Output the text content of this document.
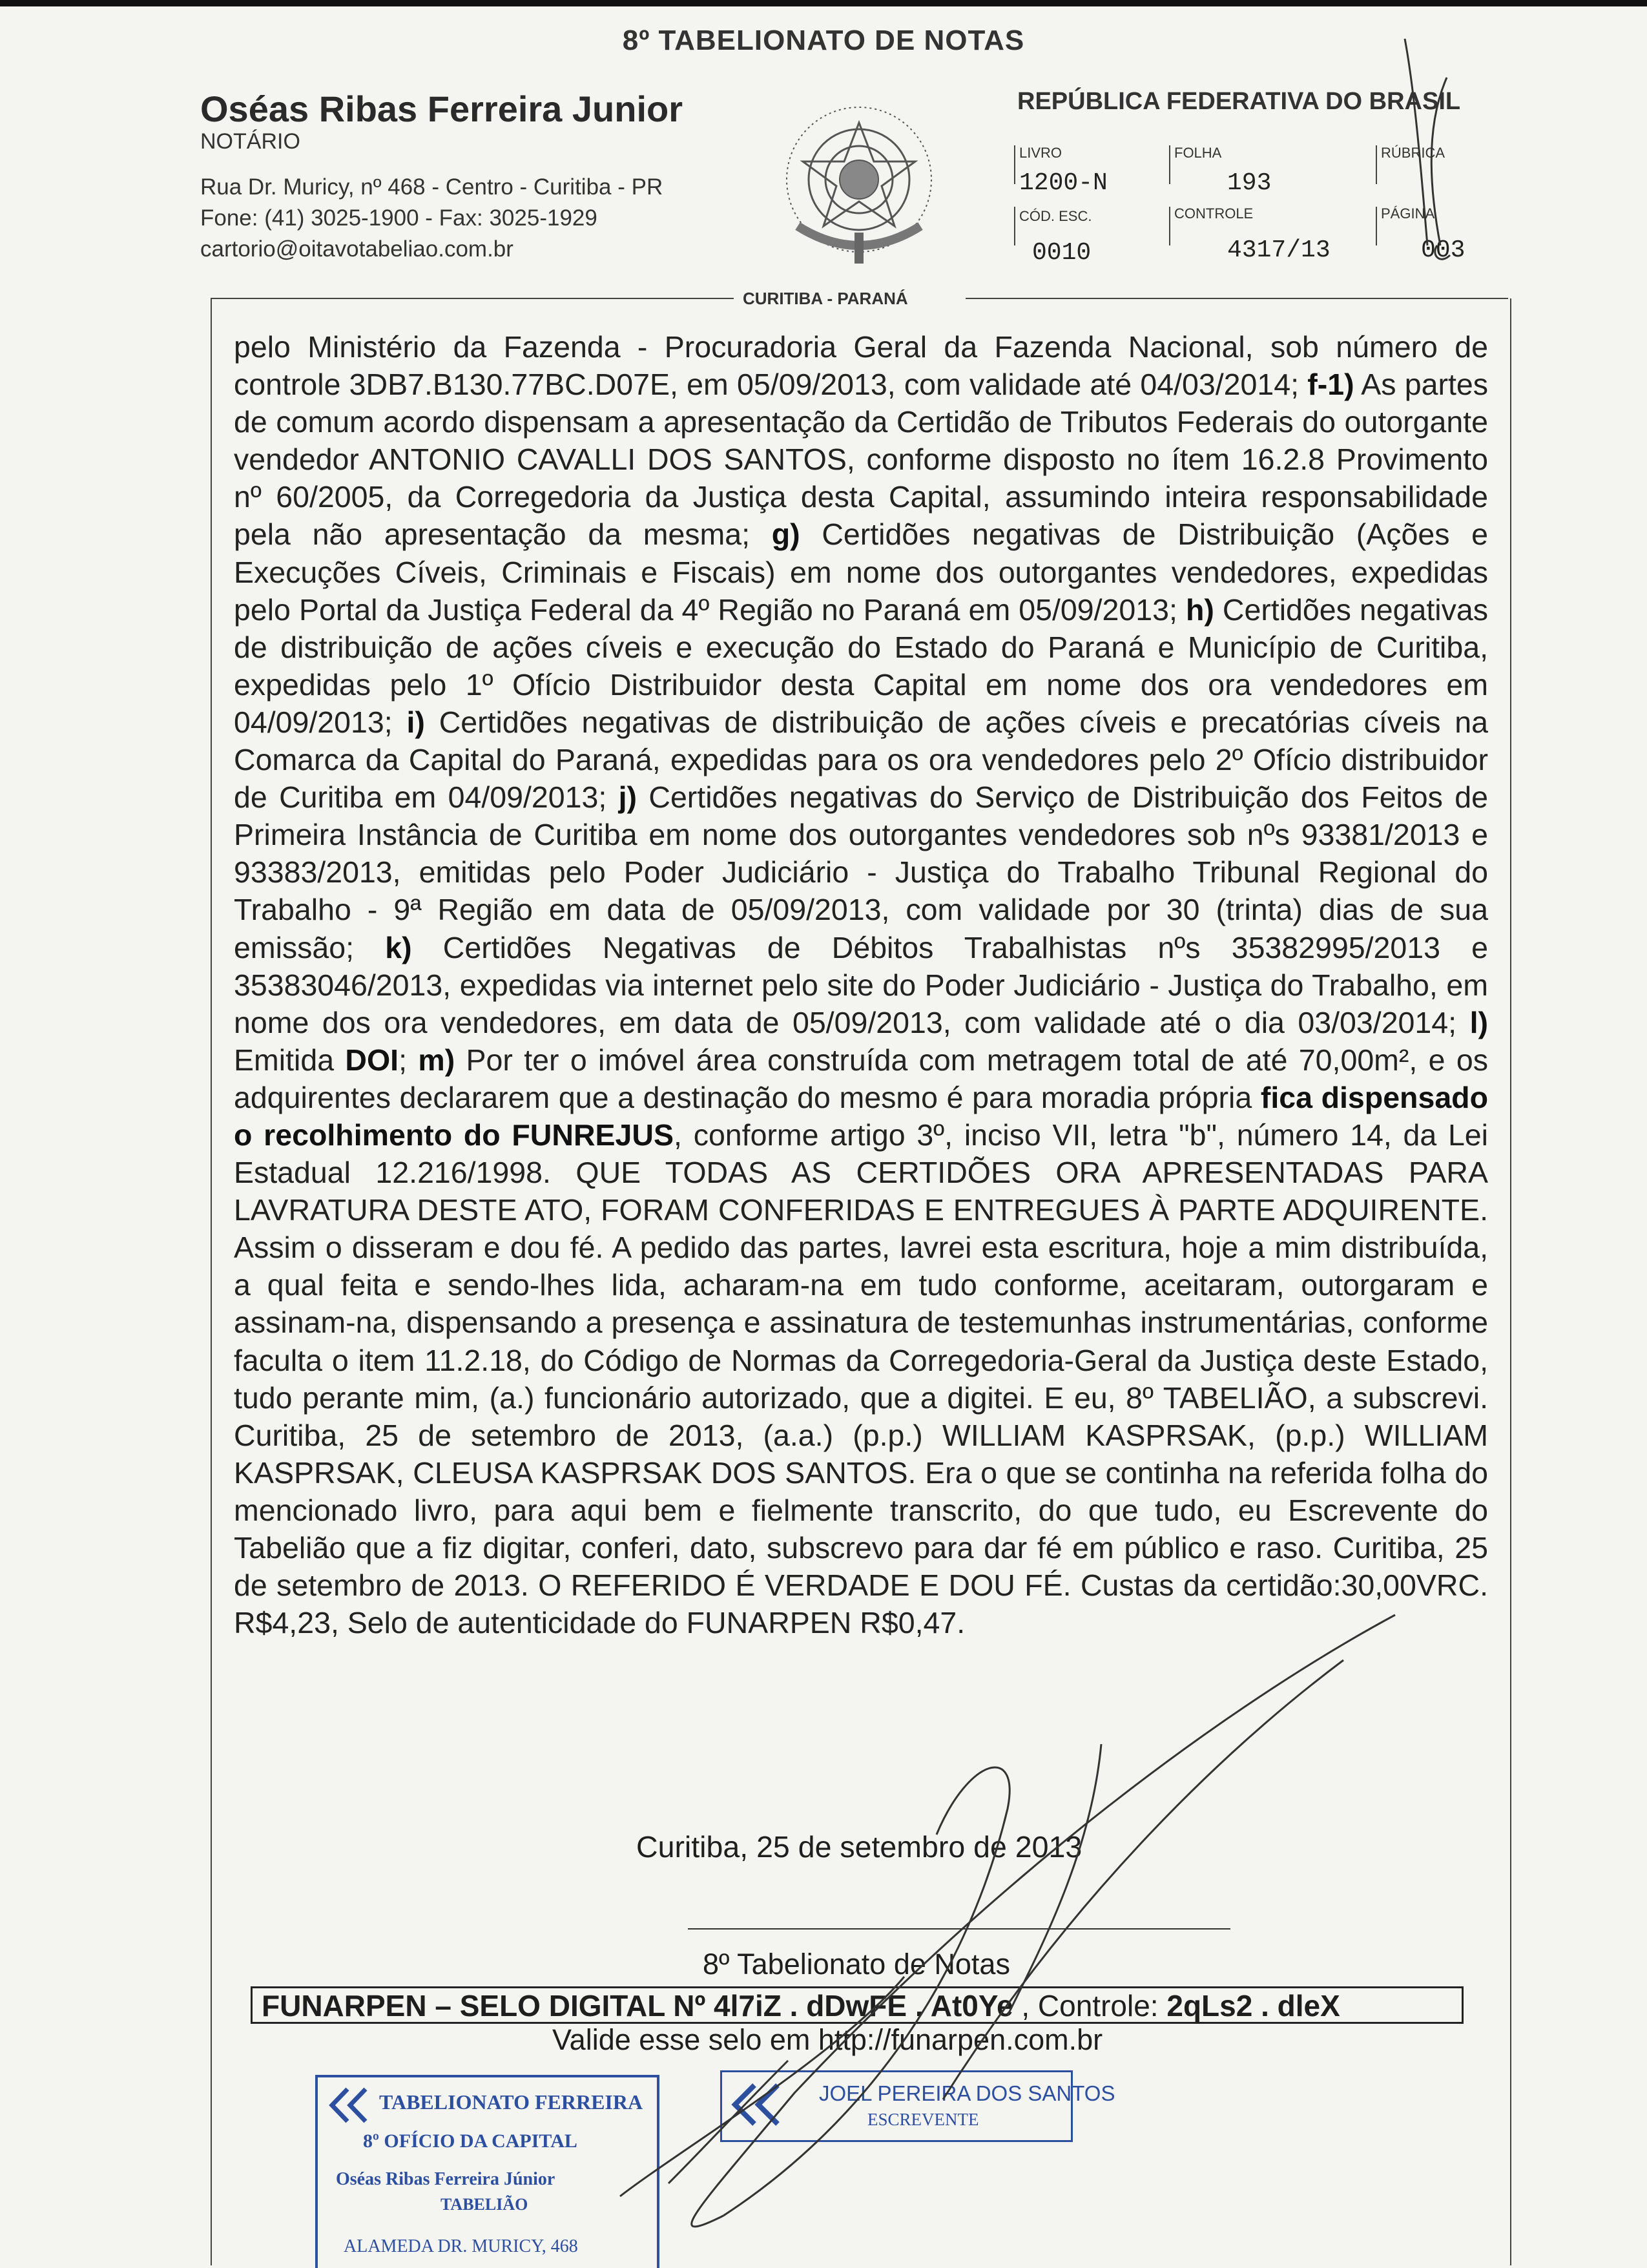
8º TABELIONATO DE NOTAS
Oséas Ribas Ferreira Junior
NOTÁRIO
Rua Dr. Muricy, nº 468 - Centro - Curitiba - PR
Fone: (41) 3025-1900 - Fax: 3025-1929
cartorio@oitavotabeliao.com.br
REPÚBLICA FEDERATIVA DO BRASIL
LIVRO
1200-N
FOLHA
193
RÚBRICA
CÓD. ESC.
0010
CONTROLE
4317/13
PÁGINA
003
CURITIBA - PARANÁ
pelo Ministério da Fazenda - Procuradoria Geral da Fazenda Nacional, sob número de controle 3DB7.B130.77BC.D07E, em 05/09/2013, com validade até 04/03/2014; f-1) As partes de comum acordo dispensam a apresentação da Certidão de Tributos Federais do outorgante vendedor ANTONIO CAVALLI DOS SANTOS, conforme disposto no ítem 16.2.8 Provimento nº 60/2005, da Corregedoria da Justiça desta Capital, assumindo inteira responsabilidade pela não apresentação da mesma; g) Certidões negativas de Distribuição (Ações e Execuções Cíveis, Criminais e Fiscais) em nome dos outorgantes vendedores, expedidas pelo Portal da Justiça Federal da 4º Região no Paraná em 05/09/2013; h) Certidões negativas de distribuição de ações cíveis e execução do Estado do Paraná e Município de Curitiba, expedidas pelo 1º Ofício Distribuidor desta Capital em nome dos ora vendedores em 04/09/2013; i) Certidões negativas de distribuição de ações cíveis e precatórias cíveis na Comarca da Capital do Paraná, expedidas para os ora vendedores pelo 2º Ofício distribuidor de Curitiba em 04/09/2013; j) Certidões negativas do Serviço de Distribuição dos Feitos de Primeira Instância de Curitiba em nome dos outorgantes vendedores sob nºs 93381/2013 e 93383/2013, emitidas pelo Poder Judiciário - Justiça do Trabalho Tribunal Regional do Trabalho - 9ª Região em data de 05/09/2013, com validade por 30 (trinta) dias de sua emissão; k) Certidões Negativas de Débitos Trabalhistas nºs 35382995/2013 e 35383046/2013, expedidas via internet pelo site do Poder Judiciário - Justiça do Trabalho, em nome dos ora vendedores, em data de 05/09/2013, com validade até o dia 03/03/2014; l) Emitida DOI; m) Por ter o imóvel área construída com metragem total de até 70,00m², e os adquirentes declararem que a destinação do mesmo é para moradia própria fica dispensado o recolhimento do FUNREJUS, conforme artigo 3º, inciso VII, letra "b", número 14, da Lei Estadual 12.216/1998. QUE TODAS AS CERTIDÕES ORA APRESENTADAS PARA LAVRATURA DESTE ATO, FORAM CONFERIDAS E ENTREGUES À PARTE ADQUIRENTE. Assim o disseram e dou fé. A pedido das partes, lavrei esta escritura, hoje a mim distribuída, a qual feita e sendo-lhes lida, acharam-na em tudo conforme, aceitaram, outorgaram e assinam-na, dispensando a presença e assinatura de testemunhas instrumentárias, conforme faculta o item 11.2.18, do Código de Normas da Corregedoria-Geral da Justiça deste Estado, tudo perante mim, (a.) funcionário autorizado, que a digitei. E eu, 8º TABELIÃO, a subscrevi. Curitiba, 25 de setembro de 2013, (a.a.) (p.p.) WILLIAM KASPRSAK, (p.p.) WILLIAM KASPRSAK, CLEUSA KASPRSAK DOS SANTOS. Era o que se continha na referida folha do mencionado livro, para aqui bem e fielmente transcrito, do que tudo, eu Escrevente do Tabelião que a fiz digitar, conferi, dato, subscrevo para dar fé em público e raso. Curitiba, 25 de setembro de 2013. O REFERIDO É VERDADE E DOU FÉ. Custas da certidão:30,00VRC. R$4,23, Selo de autenticidade do FUNARPEN R$0,47.
Curitiba, 25 de setembro de 2013
8º Tabelionato de Notas
FUNARPEN – SELO DIGITAL Nº 4l7iZ . dDwFE . At0Ye , Controle: 2qLs2 . dleX
Valide esse selo em http://funarpen.com.br
TABELIONATO FERREIRA
8º OFÍCIO DA CAPITAL
Oséas Ribas Ferreira Júnior
TABELIÃO
ALAMEDA DR. MURICY, 468
JOEL PEREIRA DOS SANTOS
ESCREVENTE
